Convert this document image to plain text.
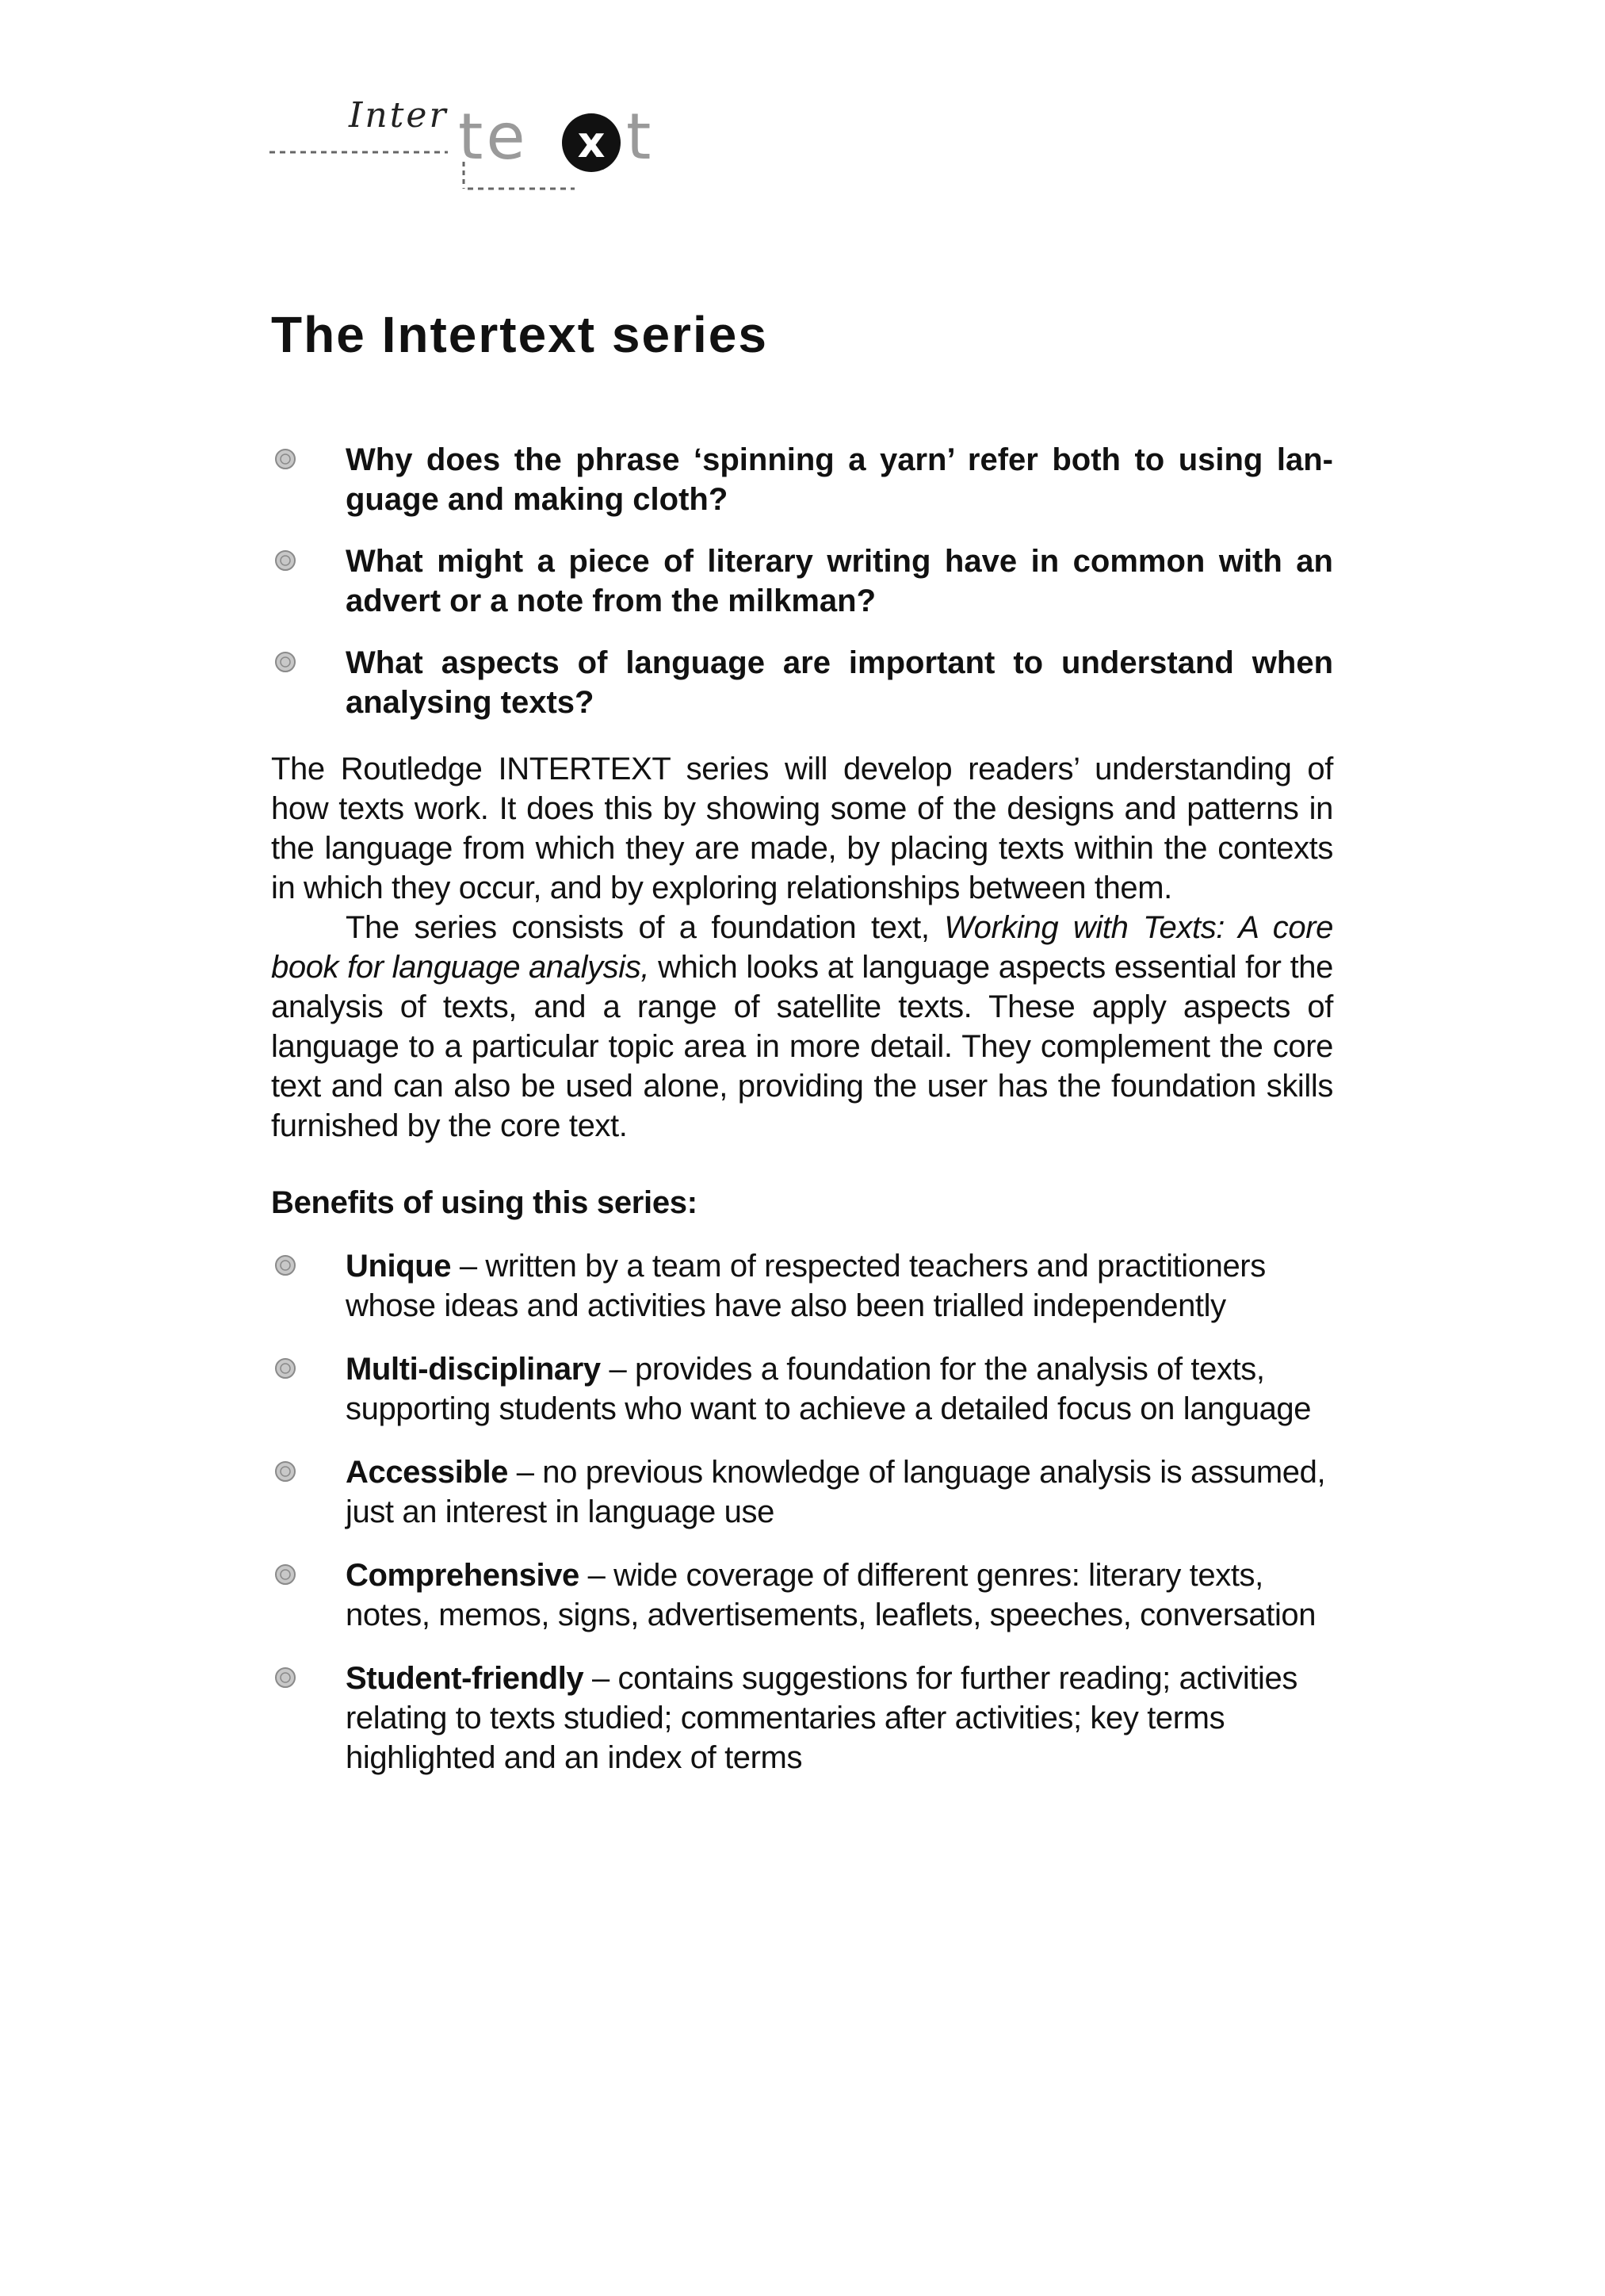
Inter te x t
The Intertext series
Why does the phrase ‘spinning a yarn’ refer both to using language and making cloth?
What might a piece of literary writing have in common with an advert or a note from the milkman?
What aspects of language are important to understand when analysing texts?

The Routledge INTERTEXT series will develop readers’ understanding of how texts work. It does this by showing some of the designs and patterns in the language from which they are made, by placing texts within the contexts in which they occur, and by exploring relationships between them.

The series consists of a foundation text, Working with Texts: A core book for language analysis, which looks at language aspects essential for the analysis of texts, and a range of satellite texts. These apply aspects of language to a particular topic area in more detail. They complement the core text and can also be used alone, providing the user has the foundation skills furnished by the core text.

Benefits of using this series:
Unique – written by a team of respected teachers and practitioners whose ideas and activities have also been trialled independently
Multi-disciplinary – provides a foundation for the analysis of texts, supporting students who want to achieve a detailed focus on language
Accessible – no previous knowledge of language analysis is assumed, just an interest in language use
Comprehensive – wide coverage of different genres: literary texts, notes, memos, signs, advertisements, leaflets, speeches, conversation
Student-friendly – contains suggestions for further reading; activities relating to texts studied; commentaries after activities; key terms highlighted and an index of terms
